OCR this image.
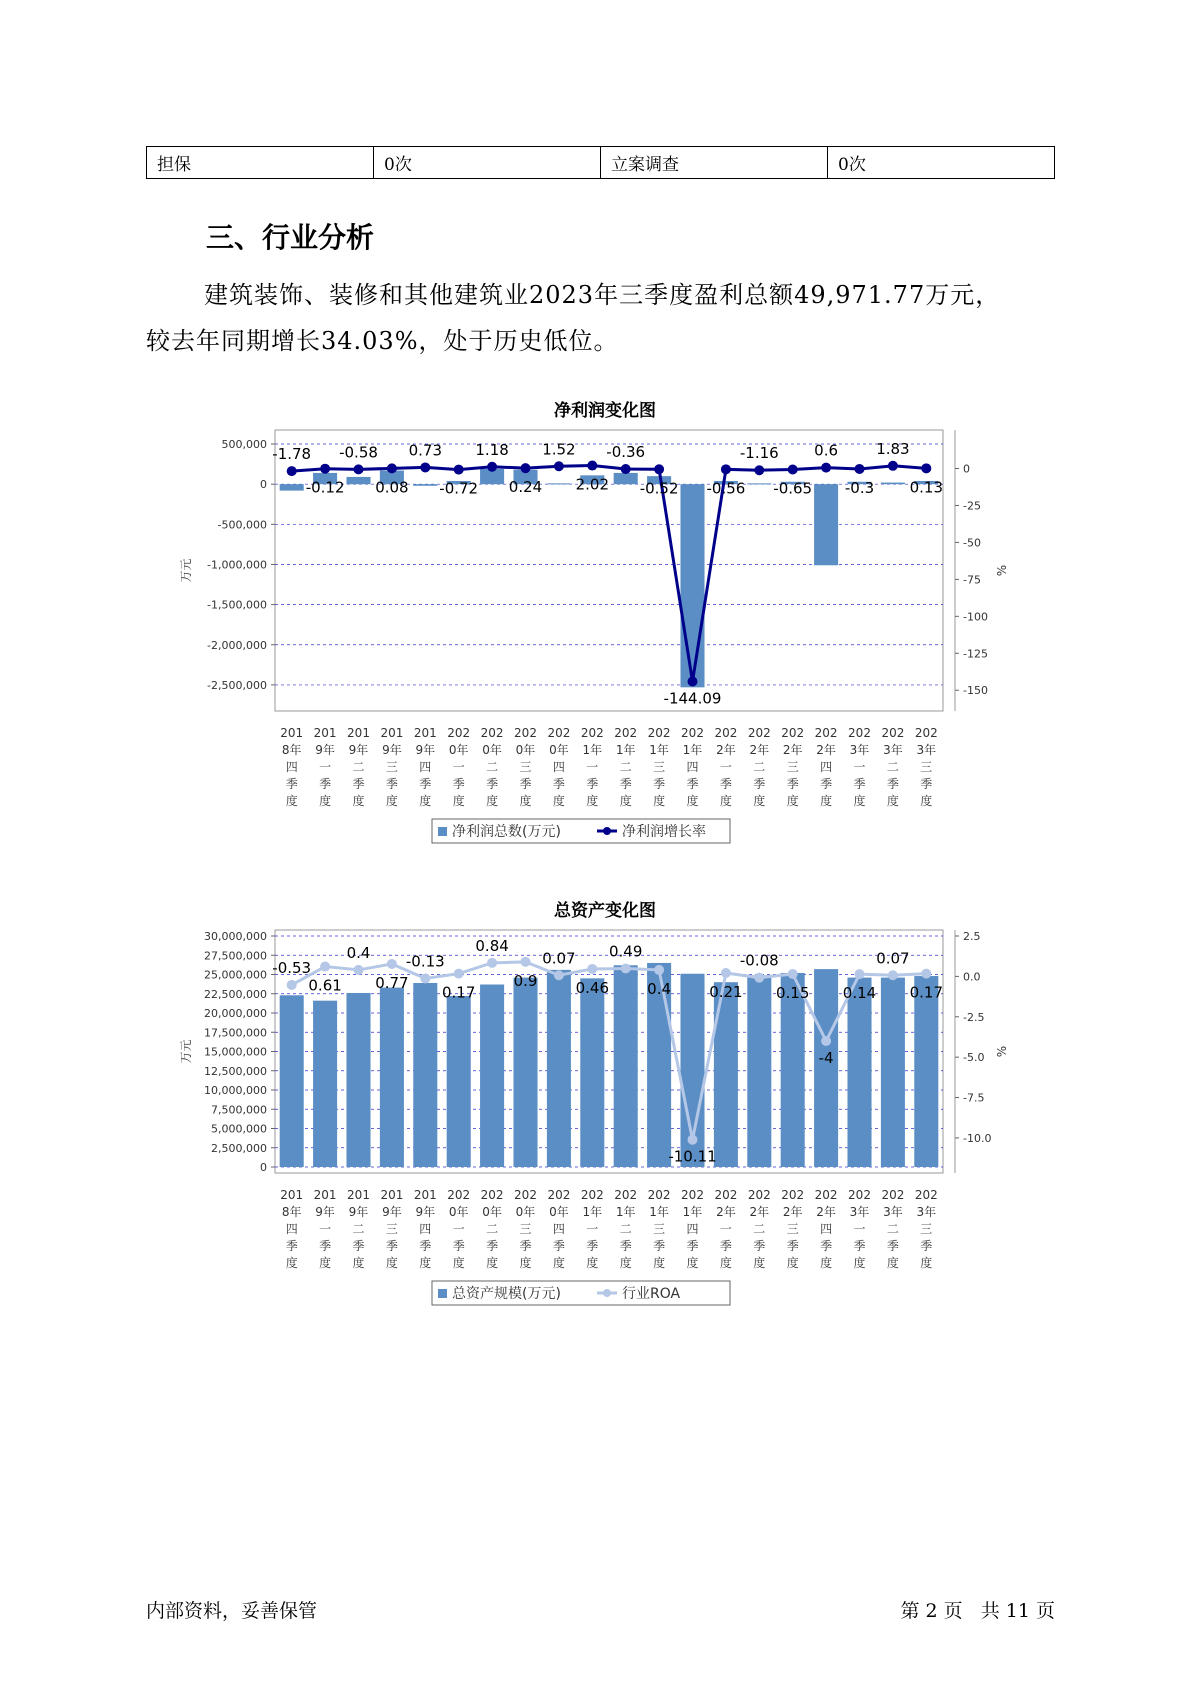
担保	0次	立案调查	0次
三、行业分析
建筑装饰、装修和其他建筑业2023年三季度盈利总额49,971.77万元，
较去年同期增长34.03%，处于历史低位。
净利润变化图
500,000
0
-500,000
-1,000,000
-1,500,000
-2,000,000
-2,500,000
0
-25
-50
-75
-100
-125
-150
万元	%
-1.78
-0.12
-0.58
0.08
0.73
-0.72
1.18
0.24
1.52
2.02
-0.36
-0.52
-144.09
-0.56
-1.16
-0.65
0.6
-0.3
1.83
0.13
201
8年
四
季
度
201
9年
一
季
度
201
9年
二
季
度
201
9年
三
季
度
201
9年
四
季
度
202
0年
一
季
度
202
0年
二
季
度
202
0年
三
季
度
202
0年
四
季
度
202
1年
一
季
度
202
1年
二
季
度
202
1年
三
季
度
202
1年
四
季
度
202
2年
一
季
度
202
2年
二
季
度
202
2年
三
季
度
202
2年
四
季
度
202
3年
一
季
度
202
3年
二
季
度
202
3年
三
季
度
净利润总数(万元)	净利润增长率
总资产变化图
30,000,000
27,500,000
25,000,000
22,500,000
20,000,000
17,500,000
15,000,000
12,500,000
10,000,000
7,500,000
5,000,000
2,500,000
0
2.5
0.0
-2.5
-5.0
-7.5
-10.0
万元	%
-0.53
0.61
0.4
0.77
-0.13
0.17
0.84
0.9
0.07
0.46
0.49
0.4
-10.11
0.21
-0.08
0.15
-4
0.14
0.07
0.17
201
8年
四
季
度
201
9年
一
季
度
201
9年
二
季
度
201
9年
三
季
度
201
9年
四
季
度
202
0年
一
季
度
202
0年
二
季
度
202
0年
三
季
度
202
0年
四
季
度
202
1年
一
季
度
202
1年
二
季
度
202
1年
三
季
度
202
1年
四
季
度
202
2年
一
季
度
202
2年
二
季
度
202
2年
三
季
度
202
2年
四
季
度
202
3年
一
季
度
202
3年
二
季
度
202
3年
三
季
度
总资产规模(万元)	行业ROA
内部资料，妥善保管	第 2 页   共 11 页
